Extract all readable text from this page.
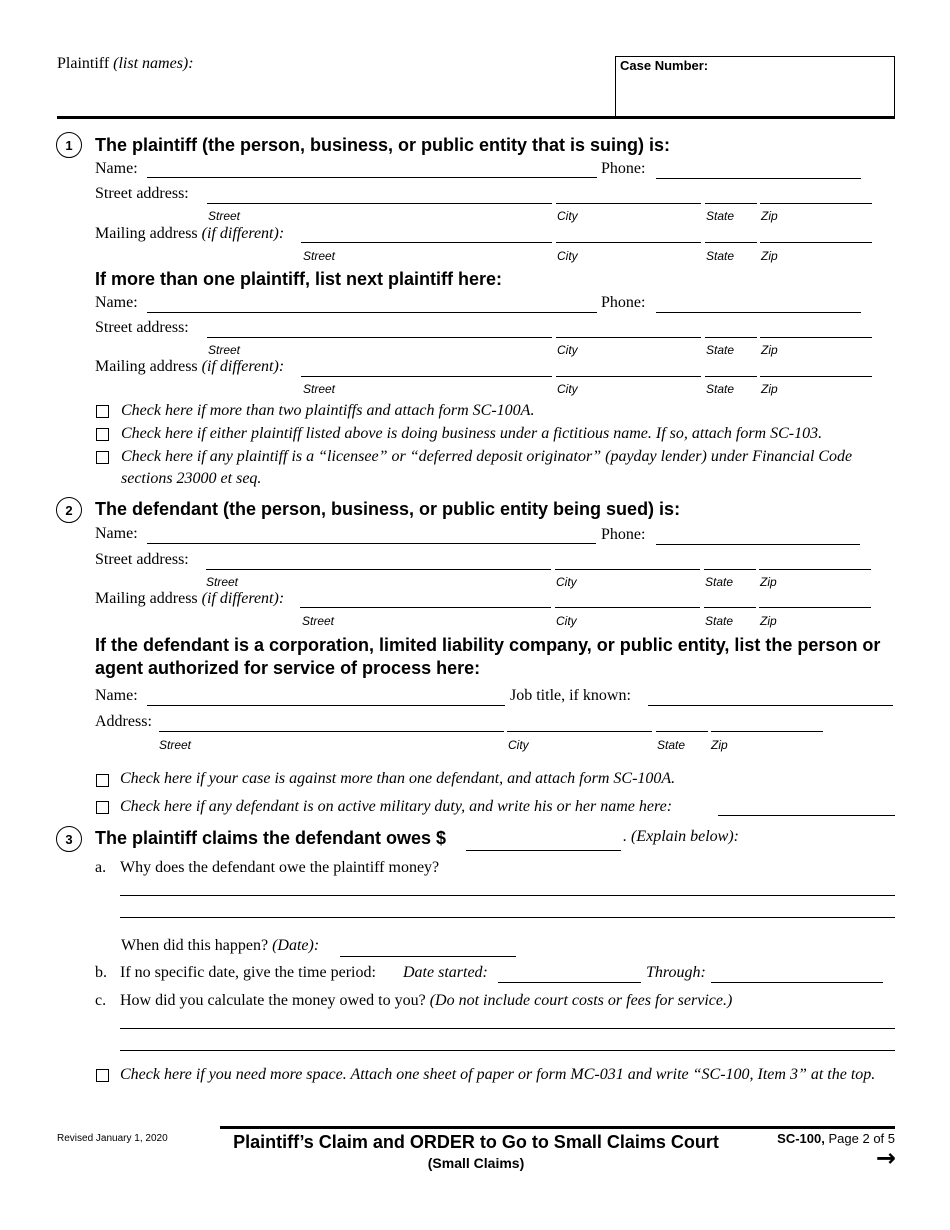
Plaintiff (list names):	Case Number:
1	The plaintiff (the person, business, or public entity that is suing) is:
Name:	Phone:
Street address:
Street	City	State Zip
Mailing address (if different):
Street	City	State Zip
If more than one plaintiff, list next plaintiff here:
Name:	Phone:
Street address:
Street	City	State Zip
Mailing address (if different):
Street	City	State Zip
Check here if more than two plaintiffs and attach form SC-100A.
Check here if either plaintiff listed above is doing business under a fictitious name. If so, attach form SC-103.
Check here if any plaintiff is a “licensee” or “deferred deposit originator” (payday lender) under Financial Code sections 23000 et seq.
2	The defendant (the person, business, or public entity being sued) is:
Name:	Phone:
Street address:
Street	City	State Zip
Mailing address (if different):
Street	City	State Zip
If the defendant is a corporation, limited liability company, or public entity, list the person or agent authorized for service of process here:
Name:	Job title, if known:
Address:
Street	City	State Zip
Check here if your case is against more than one defendant, and attach form SC-100A.
Check here if any defendant is on active military duty, and write his or her name here:
3	The plaintiff claims the defendant owes $	. (Explain below):
a. Why does the defendant owe the plaintiff money?
When did this happen? (Date):
b. If no specific date, give the time period: Date started:	Through:
c. How did you calculate the money owed to you? (Do not include court costs or fees for service.)
Check here if you need more space. Attach one sheet of paper or form MC-031 and write “SC-100, Item 3” at the top.
Revised January 1, 2020	Plaintiff’s Claim and ORDER to Go to Small Claims Court
(Small Claims)
SC-100, Page 2 of 5
→
